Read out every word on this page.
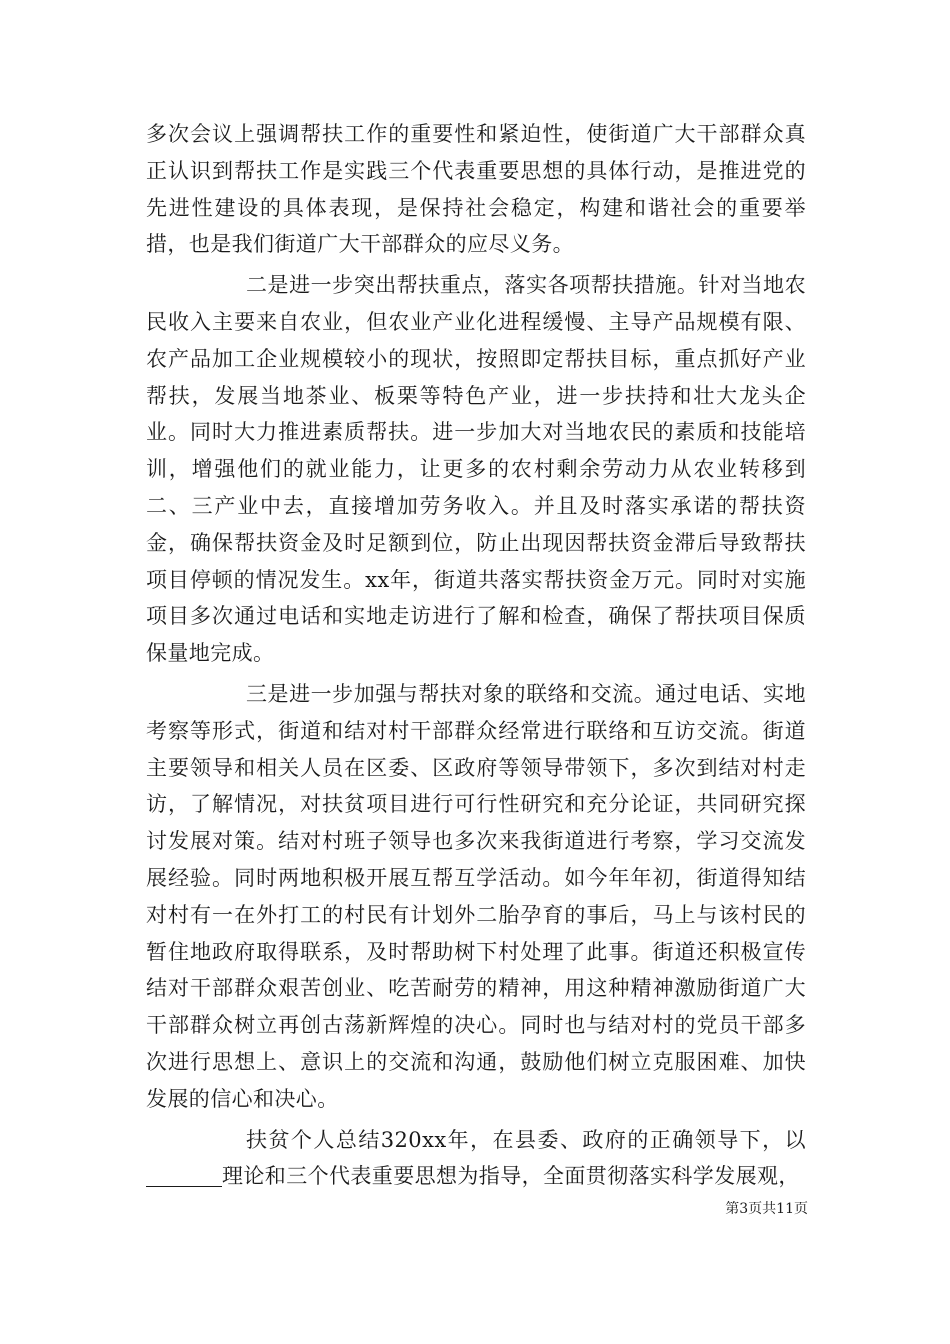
多次会议上强调帮扶工作的重要性和紧迫性，使街道广大干部群众真正认识到帮扶工作是实践三个代表重要思想的具体行动，是推进党的先进性建设的具体表现，是保持社会稳定，构建和谐社会的重要举措，也是我们街道广大干部群众的应尽义务。

二是进一步突出帮扶重点，落实各项帮扶措施。针对当地农民收入主要来自农业，但农业产业化进程缓慢、主导产品规模有限、农产品加工企业规模较小的现状，按照即定帮扶目标，重点抓好产业帮扶，发展当地茶业、板栗等特色产业，进一步扶持和壮大龙头企业。同时大力推进素质帮扶。进一步加大对当地农民的素质和技能培训，增强他们的就业能力，让更多的农村剩余劳动力从农业转移到二、三产业中去，直接增加劳务收入。并且及时落实承诺的帮扶资金，确保帮扶资金及时足额到位，防止出现因帮扶资金滞后导致帮扶项目停顿的情况发生。xx年，街道共落实帮扶资金万元。同时对实施项目多次通过电话和实地走访进行了解和检查，确保了帮扶项目保质保量地完成。

三是进一步加强与帮扶对象的联络和交流。通过电话、实地考察等形式，街道和结对村干部群众经常进行联络和互访交流。街道主要领导和相关人员在区委、区政府等领导带领下，多次到结对村走访，了解情况，对扶贫项目进行可行性研究和充分论证，共同研究探讨发展对策。结对村班子领导也多次来我街道进行考察，学习交流发展经验。同时两地积极开展互帮互学活动。如今年年初，街道得知结对村有一在外打工的村民有计划外二胎孕育的事后，马上与该村民的暂住地政府取得联系，及时帮助树下村处理了此事。街道还积极宣传结对干部群众艰苦创业、吃苦耐劳的精神，用这种精神激励街道广大干部群众树立再创古荡新辉煌的决心。同时也与结对村的党员干部多次进行思想上、意识上的交流和沟通，鼓励他们树立克服困难、加快发展的信心和决心。

扶贫个人总结320xx年，在县委、政府的正确领导下，以理论和三个代表重要思想为指导，全面贯彻落实科学发展观，

第3页共11页
